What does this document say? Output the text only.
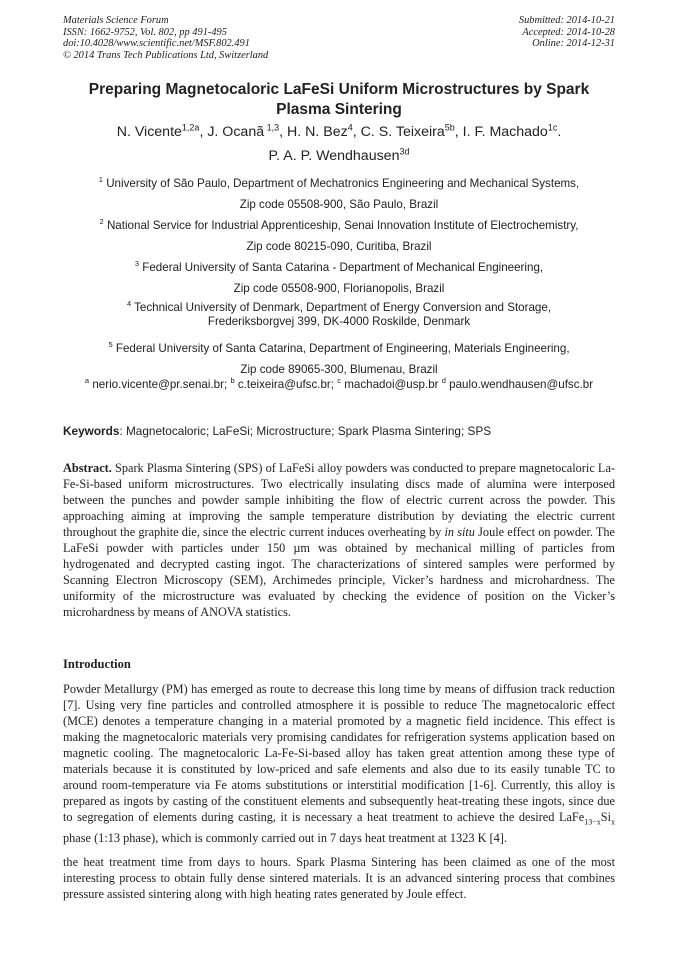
Materials Science Forum
ISSN: 1662-9752, Vol. 802, pp 491-495
doi:10.4028/www.scientific.net/MSF.802.491
© 2014 Trans Tech Publications Ltd, Switzerland
Submitted: 2014-10-21
Accepted: 2014-10-28
Online: 2014-12-31
Preparing Magnetocaloric LaFeSi Uniform Microstructures by Spark Plasma Sintering
N. Vicente$^{1,2a}$, J. Ocanã $^{1,3}$, H. N. Bez$^4$, C. S. Teixeira$^{5b}$, I. F. Machado$^{1c}$.
P. A. P. Wendhausen$^{3d}$
$^1$ University of São Paulo, Department of Mechatronics Engineering and Mechanical Systems,
Zip code 05508-900, São Paulo, Brazil
$^2$ National Service for Industrial Apprenticeship, Senai Innovation Institute of Electrochemistry,
Zip code 80215-090, Curitiba, Brazil
$^3$ Federal University of Santa Catarina - Department of Mechanical Engineering,
Zip code 05508-900, Florianopolis, Brazil
$^4$ Technical University of Denmark, Department of Energy Conversion and Storage,
Frederiksborgvej 399, DK-4000 Roskilde, Denmark
$^5$ Federal University of Santa Catarina, Department of Engineering, Materials Engineering,
Zip code 89065-300, Blumenau, Brazil
$^a$ nerio.vicente@pr.senai.br; $^b$ c.teixeira@ufsc.br; $^c$ machadoi@usp.br $^d$ paulo.wendhausen@ufsc.br
Keywords: Magnetocaloric; LaFeSi; Microstructure; Spark Plasma Sintering; SPS
Abstract. Spark Plasma Sintering (SPS) of LaFeSi alloy powders was conducted to prepare magnetocaloric La-Fe-Si-based uniform microstructures. Two electrically insulating discs made of alumina were interposed between the punches and powder sample inhibiting the flow of electric current across the powder. This approaching aiming at improving the sample temperature distribution by deviating the electric current throughout the graphite die, since the electric current induces overheating by in situ Joule effect on powder. The LaFeSi powder with particles under 150 µm was obtained by mechanical milling of particles from hydrogenated and decrypted casting ingot. The characterizations of sintered samples were performed by Scanning Electron Microscopy (SEM), Archimedes principle, Vicker’s hardness and microhardness. The uniformity of the microstructure was evaluated by checking the evidence of position on the Vicker’s microhardness by means of ANOVA statistics.
Introduction
Powder Metallurgy (PM) has emerged as route to decrease this long time by means of diffusion track reduction [7]. Using very fine particles and controlled atmosphere it is possible to reduce The magnetocaloric effect (MCE) denotes a temperature changing in a material promoted by a magnetic field incidence. This effect is making the magnetocaloric materials very promising candidates for refrigeration systems application based on magnetic cooling. The magnetocaloric La-Fe-Si-based alloy has taken great attention among these type of materials because it is constituted by low-priced and safe elements and also due to its easily tunable TC to around room-temperature via Fe atoms substitutions or interstitial modification [1-6]. Currently, this alloy is prepared as ingots by casting of the constituent elements and subsequently heat-treating these ingots, since due to segregation of elements during casting, it is necessary a heat treatment to achieve the desired $LaFe_{13-x}Si_x$ phase (1:13 phase), which is commonly carried out in 7 days heat treatment at 1323 K [4].
the heat treatment time from days to hours. Spark Plasma Sintering has been claimed as one of the most interesting process to obtain fully dense sintered materials. It is an advanced sintering process that combines pressure assisted sintering along with high heating rates generated by Joule effect.
